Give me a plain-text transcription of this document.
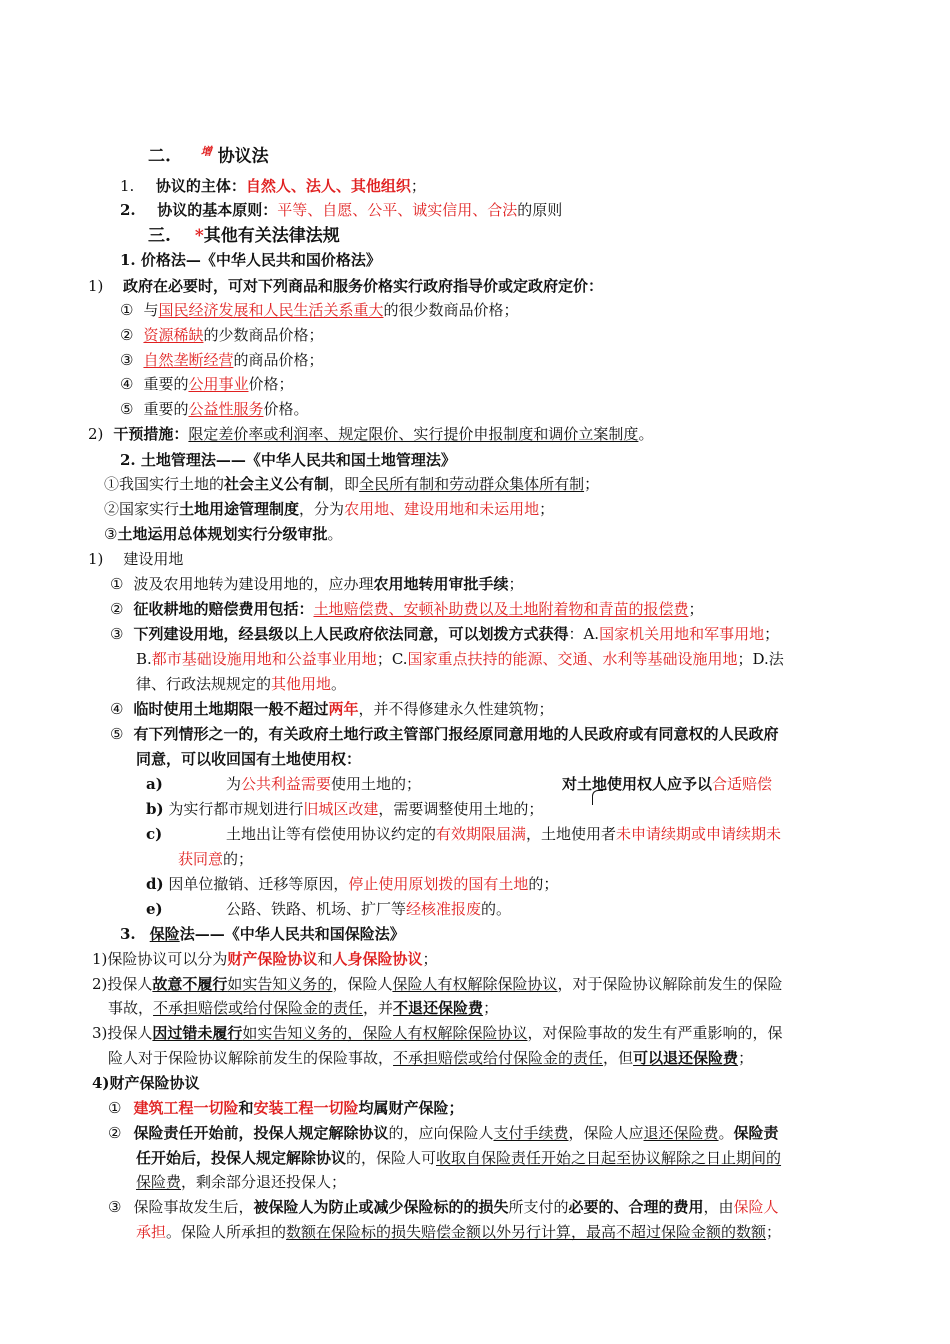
二.	$^增$ 协议法
1. 协议的主体：自然人、法人、其他组织；
2. 协议的基本原则：平等、自愿、公平、诚实信用、合法的原则
三. *其他有关法律法规
1. 价格法—《中华人民共和国价格法》
1) 政府在必要时，可对下列商品和服务价格实行政府指导价或定政府定价：
① 与国民经济发展和人民生活关系重大的很少数商品价格；
② 资源稀缺的少数商品价格；
③ 自然垄断经营的商品价格；
④ 重要的公用事业价格；
⑤ 重要的公益性服务价格。
2) 干预措施：限定差价率或利润率、规定限价、实行提价申报制度和调价立案制度。
2. 土地管理法——《中华人民共和国土地管理法》
①我国实行土地的社会主义公有制，即全民所有制和劳动群众集体所有制；
②国家实行土地用途管理制度，分为农用地、建设用地和未运用地；
③土地运用总体规划实行分级审批。
1) 建设用地
① 波及农用地转为建设用地的，应办理农用地转用审批手续；
② 征收耕地的赔偿费用包括：土地赔偿费、安顿补助费以及土地附着物和青苗的报偿费；
③ 下列建设用地，经县级以上人民政府依法同意，可以划拨方式获得：A.国家机关用地和军事用地；
B.都市基础设施用地和公益事业用地；C.国家重点扶持的能源、交通、水利等基础设施用地；D.法
律、行政法规规定的其他用地。
④ 临时使用土地期限一般不超过两年，并不得修建永久性建筑物；
⑤ 有下列情形之一的，有关政府土地行政主管部门报经原同意用地的人民政府或有同意权的人民政府
同意，可以收回国有土地使用权：
a)	为公共利益需要使用土地的；	对土地使用权人应予以合适赔偿
b) 为实行都市规划进行旧城区改建，需要调整使用土地的；
c)	土地出让等有偿使用协议约定的有效期限届满，土地使用者未申请续期或申请续期未
获同意的；
d) 因单位撤销、迁移等原因，停止使用原划拨的国有土地的；
e)	公路、铁路、机场、扩厂等经核准报废的。
3. 保险法——《中华人民共和国保险法》
1)保险协议可以分为财产保险协议和人身保险协议；
2)投保人故意不履行如实告知义务的，保险人保险人有权解除保险协议，对于保险协议解除前发生的保险
事故，不承担赔偿或给付保险金的责任，并不退还保险费；
3)投保人因过错未履行如实告知义务的，保险人有权解除保险协议，对保险事故的发生有严重影响的，保
险人对于保险协议解除前发生的保险事故，不承担赔偿或给付保险金的责任，但可以退还保险费；
4)财产保险协议
① 建筑工程一切险和安装工程一切险均属财产保险；
② 保险责任开始前，投保人规定解除协议的，应向保险人支付手续费，保险人应退还保险费。保险责
任开始后，投保人规定解除协议的，保险人可收取自保险责任开始之日起至协议解除之日止期间的
保险费，剩余部分退还投保人；
③ 保险事故发生后，被保险人为防止或减少保险标的的损失所支付的必要的、合理的费用，由保险人
承担。保险人所承担的数额在保险标的损失赔偿金额以外另行计算，最高不超过保险金额的数额；
